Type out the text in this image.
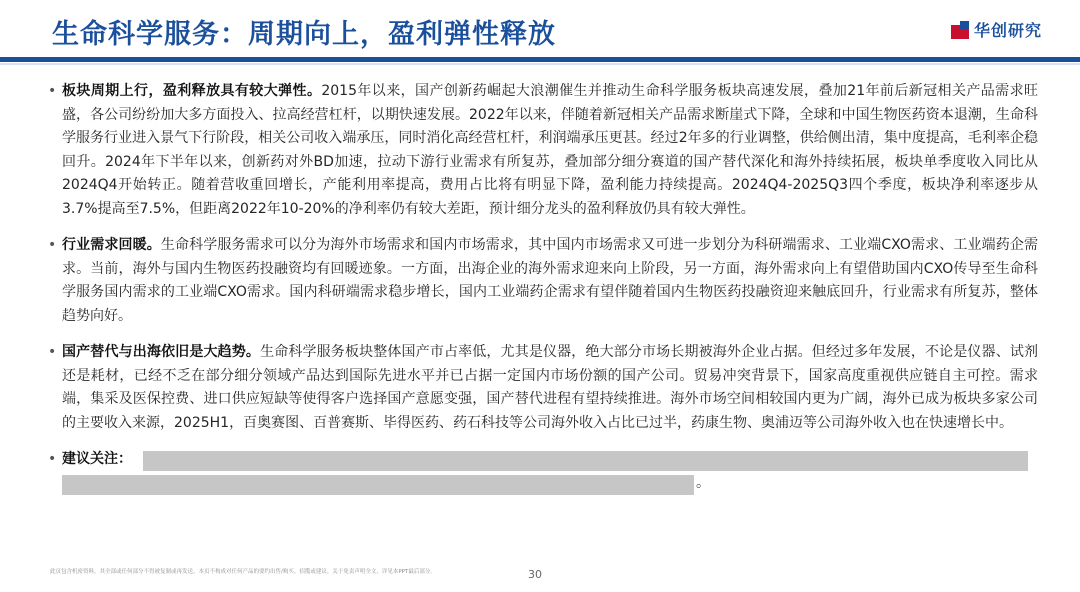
生命科学服务：周期向上，盈利弹性释放	华创研究
• 板块周期上行，盈利释放具有较大弹性。2015年以来，国产创新药崛起大浪潮催生并推动生命科学服务板块高速发展，叠加21年前后新冠相关产品需求旺盛，各公司纷纷加大多方面投入、拉高经营杠杆，以期快速发展。2022年以来，伴随着新冠相关产品需求断崖式下降，全球和中国生物医药资本退潮，生命科学服务行业进入景气下行阶段，相关公司收入端承压，同时消化高经营杠杆，利润端承压更甚。经过2年多的行业调整，供给侧出清，集中度提高，毛利率企稳回升。2024年下半年以来，创新药对外BD加速，拉动下游行业需求有所复苏，叠加部分细分赛道的国产替代深化和海外持续拓展，板块单季度收入同比从2024Q4开始转正。随着营收重回增长，产能利用率提高，费用占比将有明显下降，盈利能力持续提高。2024Q4-2025Q3四个季度，板块净利率逐步从3.7%提高至7.5%，但距离2022年10-20%的净利率仍有较大差距，预计细分龙头的盈利释放仍具有较大弹性。
• 行业需求回暖。生命科学服务需求可以分为海外市场需求和国内市场需求，其中国内市场需求又可进一步划分为科研端需求、工业端CXO需求、工业端药企需求。当前，海外与国内生物医药投融资均有回暖迹象。一方面，出海企业的海外需求迎来向上阶段，另一方面，海外需求向上有望借助国内CXO传导至生命科学服务国内需求的工业端CXO需求。国内科研端需求稳步增长，国内工业端药企需求有望伴随着国内生物医药投融资迎来触底回升，行业需求有所复苏，整体趋势向好。
• 国产替代与出海依旧是大趋势。生命科学服务板块整体国产市占率低，尤其是仪器，绝大部分市场长期被海外企业占据。但经过多年发展，不论是仪器、试剂还是耗材，已经不乏在部分细分领域产品达到国际先进水平并已占据一定国内市场份额的国产公司。贸易冲突背景下，国家高度重视供应链自主可控。需求端，集采及医保控费、进口供应短缺等使得客户选择国产意愿变强，国产替代进程有望持续推进。海外市场空间相较国内更为广阔，海外已成为板块多家公司的主要收入来源，2025H1，百奥赛图、百普赛斯、毕得医药、药石科技等公司海外收入占比已过半，药康生物、奥浦迈等公司海外收入也在快速增长中。
• 建议关注：
。
此页包含机密资料，其全部或任何部分不得被复制或再发送。本页不构成对任何产品的要约出售/购买、招揽或建议。关于免责声明全文，详见本PPT最后部分。	30
